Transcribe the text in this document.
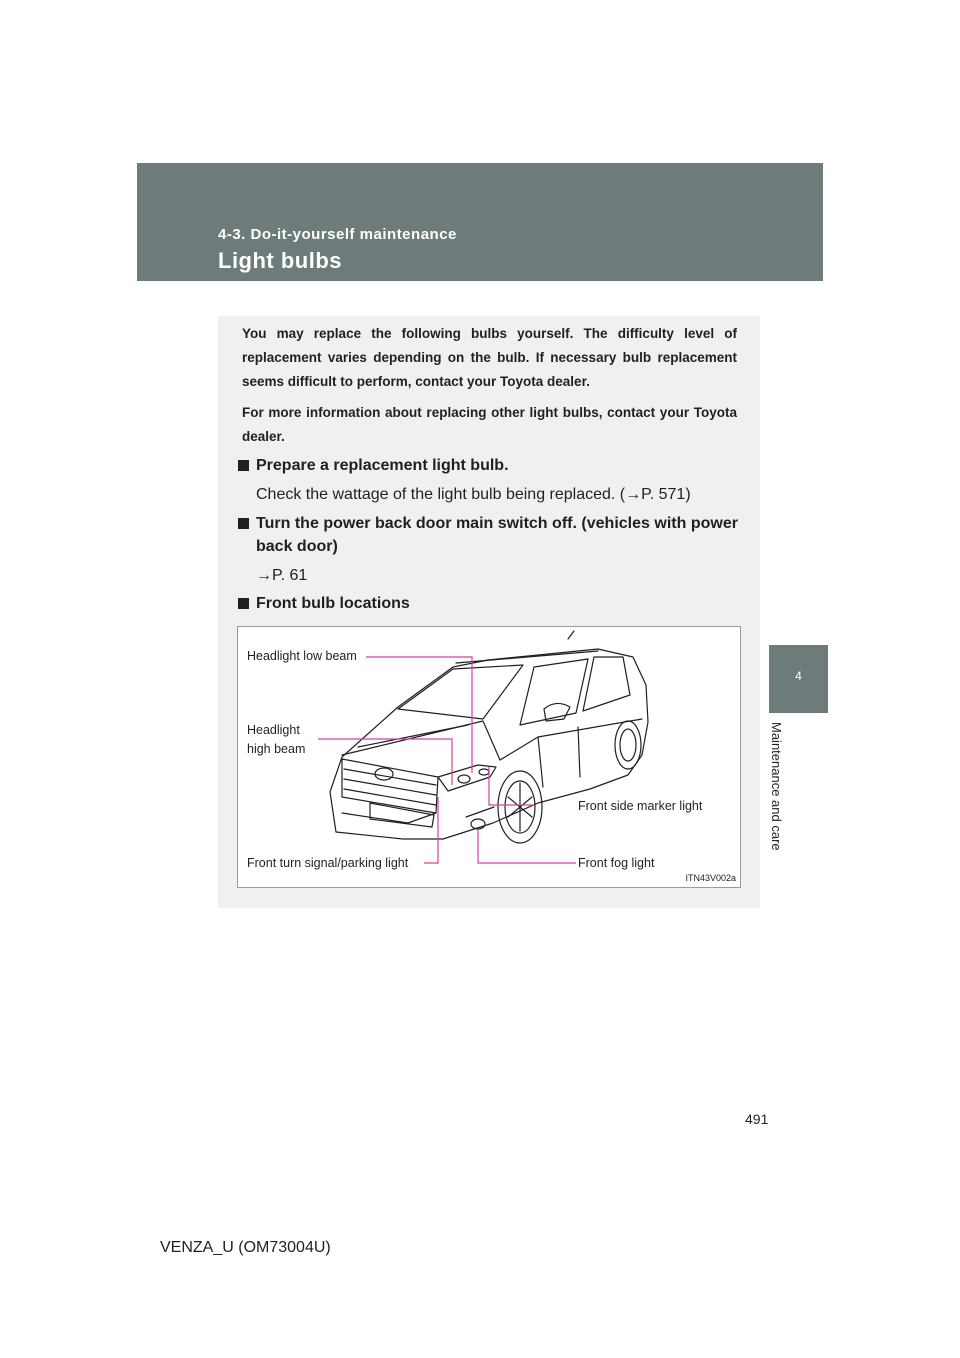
4-3. Do-it-yourself maintenance
Light bulbs
4
Maintenance and care

You may replace the following bulbs yourself. The difficulty level of replacement varies depending on the bulb. If necessary bulb replacement seems difficult to perform, contact your Toyota dealer.

For more information about replacing other light bulbs, contact your Toyota dealer.

Prepare a replacement light bulb.
Check the wattage of the light bulb being replaced. (→P. 571)
Turn the power back door main switch off. (vehicles with power back door)
→P. 61
Front bulb locations
Headlight low beam
Headlight
high beam
Front side marker light
Front turn signal/parking light	Front fog light
ITN43V002a
491
VENZA_U (OM73004U)
